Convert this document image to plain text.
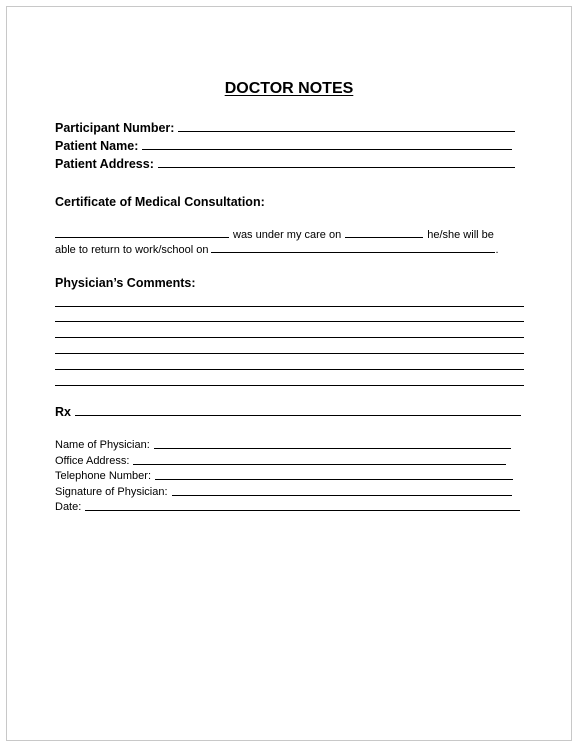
DOCTOR NOTES
Participant Number:
Patient Name:
Patient Address:
Certificate of Medical Consultation:
was under my care on	he/she will be
able to return to work/school on	.
Physician’s Comments:
Rx
Name of Physician:
Office Address:
Telephone Number:
Signature of Physician:
Date:
